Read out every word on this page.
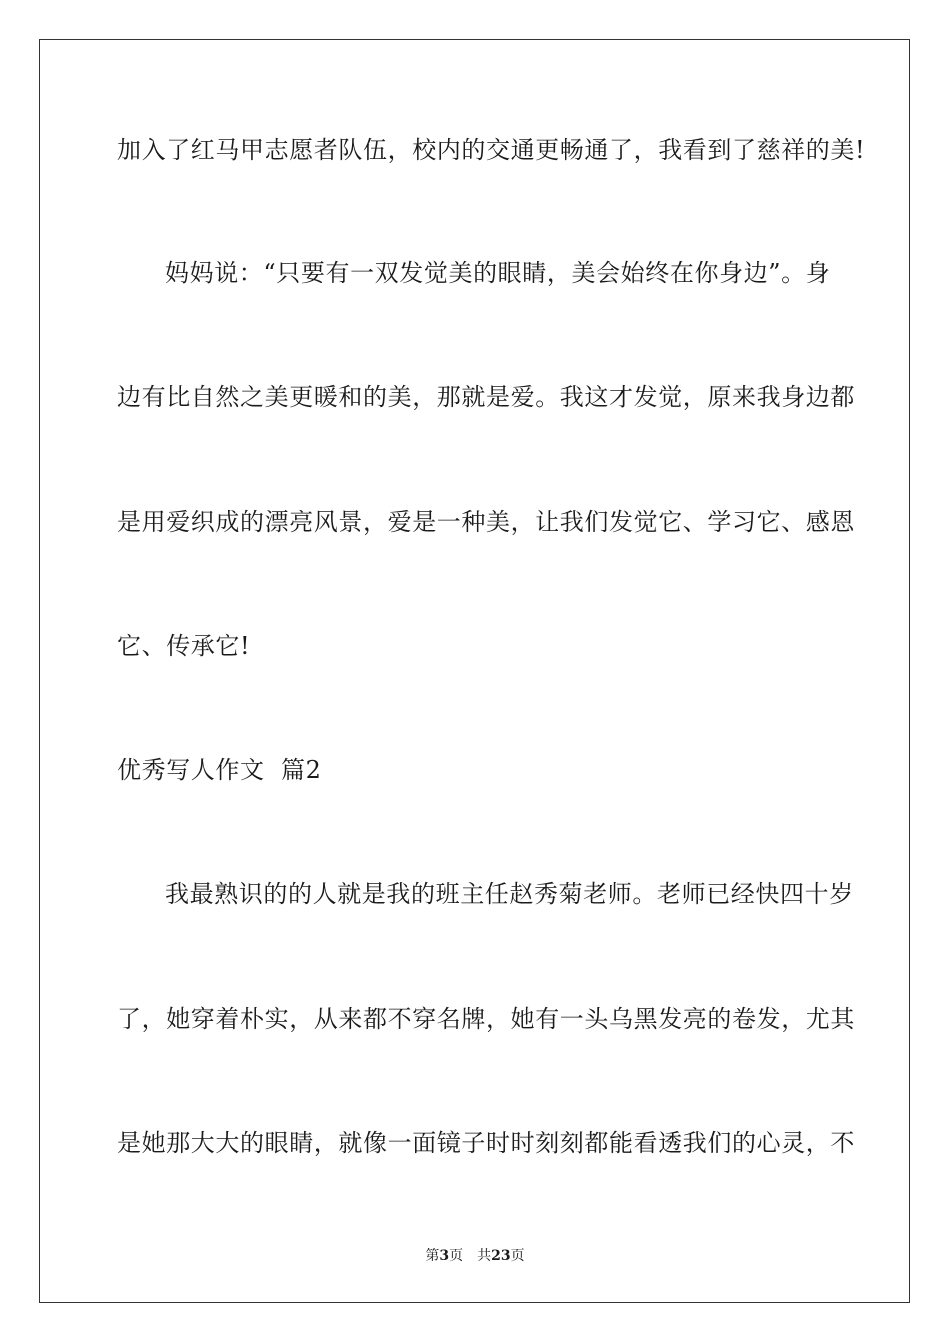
加入了红马甲志愿者队伍，校内的交通更畅通了，我看到了慈祥的美!
妈妈说：“只要有一双发觉美的眼睛，美会始终在你身边”。身
边有比自然之美更暖和的美，那就是爱。我这才发觉，原来我身边都
是用爱织成的漂亮风景，爱是一种美，让我们发觉它、学习它、感恩
它、传承它!
优秀写人作文  篇2
我最熟识的的人就是我的班主任赵秀菊老师。老师已经快四十岁
了，她穿着朴实，从来都不穿名牌，她有一头乌黑发亮的卷发，尤其
是她那大大的眼睛，就像一面镜子时时刻刻都能看透我们的心灵，不
第3页 共23页
